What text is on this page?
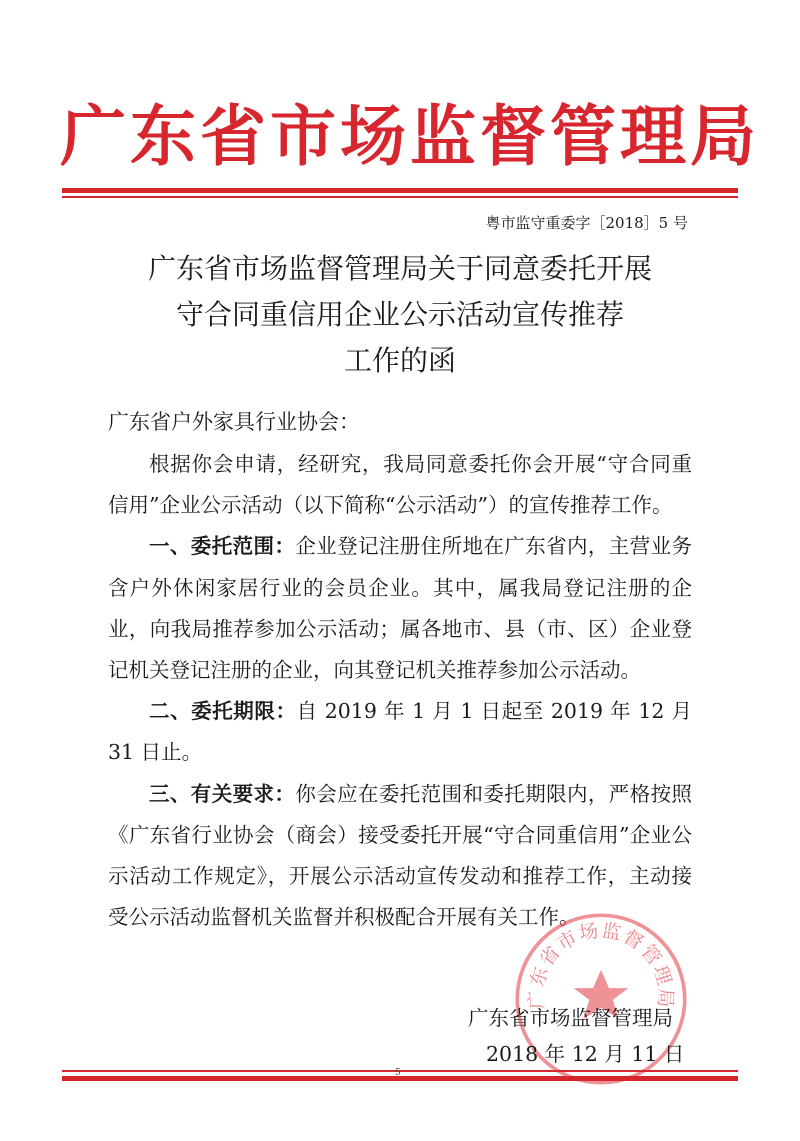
广东省市场监督管理局
粤市监守重委字［2018］5 号
广东省市场监督管理局关于同意委托开展
守合同重信用企业公示活动宣传推荐
工作的函
广东省户外家具行业协会：

根据你会申请，经研究，我局同意委托你会开展“守合同重信用”企业公示活动（以下简称“公示活动”）的宣传推荐工作。

一、委托范围：企业登记注册住所地在广东省内，主营业务含户外休闲家居行业的会员企业。其中，属我局登记注册的企业，向我局推荐参加公示活动；属各地市、县（市、区）企业登记机关登记注册的企业，向其登记机关推荐参加公示活动。

二、委托期限：自 2019 年 1 月 1 日起至 2019 年 12 月 31 日止。

三、有关要求：你会应在委托范围和委托期限内，严格按照《广东省行业协会（商会）接受委托开展“守合同重信用”企业公示活动工作规定》，开展公示活动宣传发动和推荐工作，主动接受公示活动监督机关监督并积极配合开展有关工作。

广东省市场监督管理局
广东省市场监督管理局
2018 年 12 月 11 日
5
